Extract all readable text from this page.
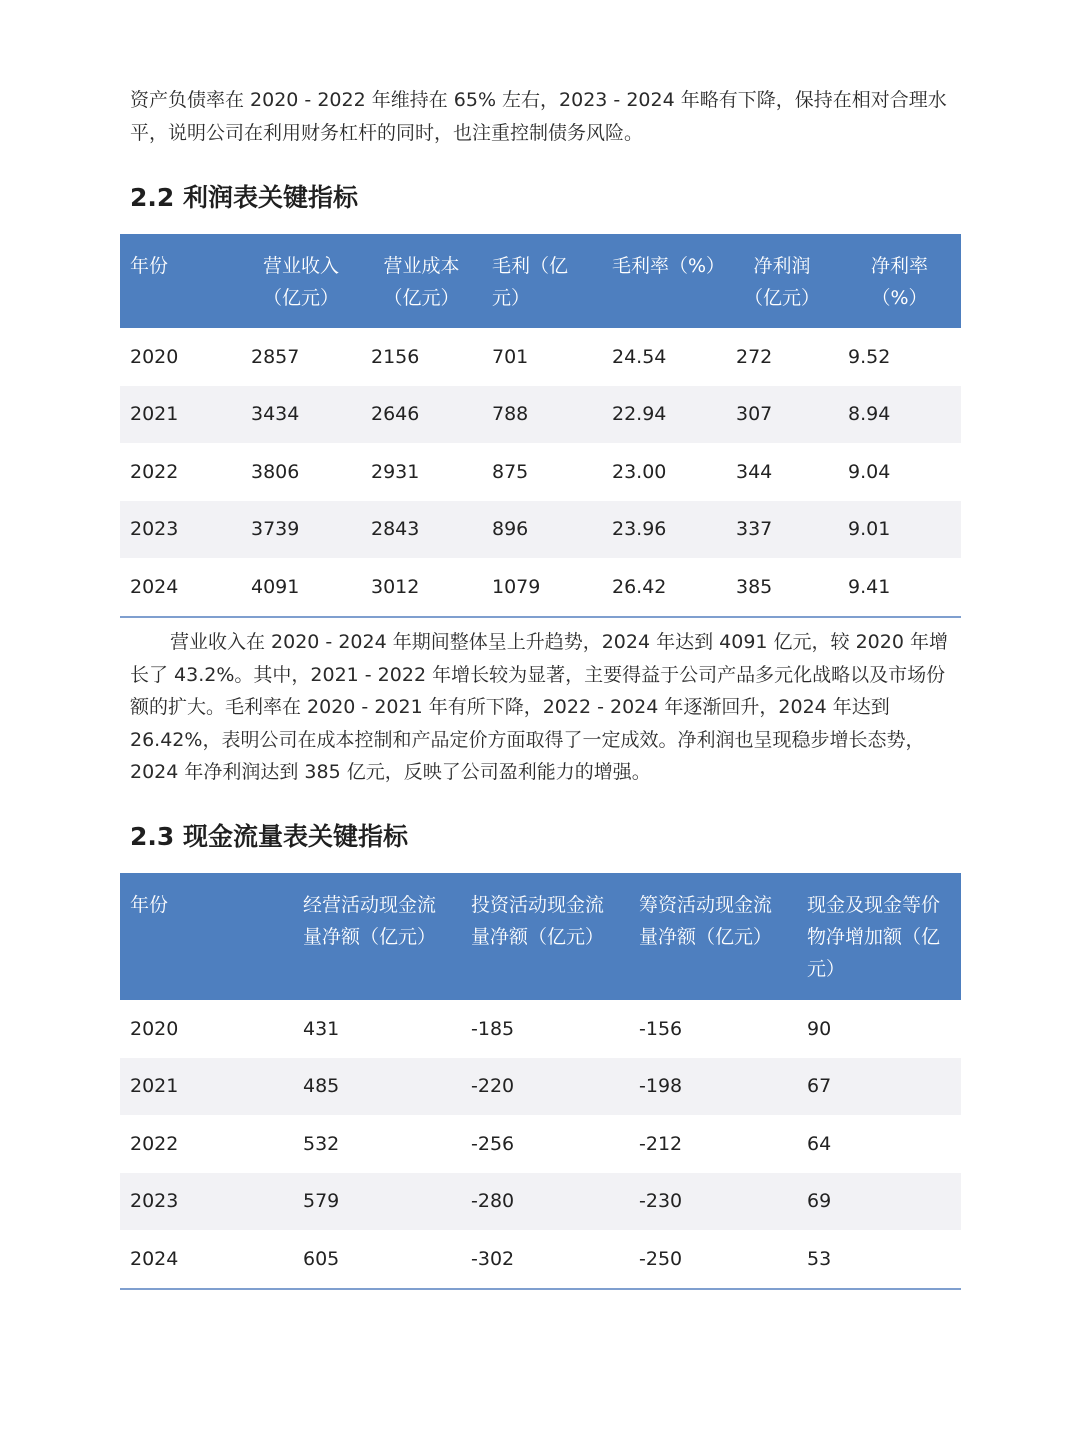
资产负债率在 2020 - 2022 年维持在 65% 左右，2023 - 2024 年略有下降，保持在相对合理水平，说明公司在利用财务杠杆的同时，也注重控制债务风险。

2.2 利润表关键指标
年份	营业收入（亿元）	营业成本（亿元）	毛利（亿元）	毛利率（%）	净利润（亿元）	净利率（%）
2020	2857	2156	701	24.54	272	9.52
2021	3434	2646	788	22.94	307	8.94
2022	3806	2931	875	23.00	344	9.04
2023	3739	2843	896	23.96	337	9.01
2024	4091	3012	1079	26.42	385	9.41

营业收入在 2020 - 2024 年期间整体呈上升趋势，2024 年达到 4091 亿元，较 2020 年增长了 43.2%。其中，2021 - 2022 年增长较为显著，主要得益于公司产品多元化战略以及市场份额的扩大。毛利率在 2020 - 2021 年有所下降，2022 - 2024 年逐渐回升，2024 年达到 26.42%，表明公司在成本控制和产品定价方面取得了一定成效。净利润也呈现稳步增长态势，2024 年净利润达到 385 亿元，反映了公司盈利能力的增强。

2.3 现金流量表关键指标
年份	经营活动现金流量净额（亿元）	投资活动现金流量净额（亿元）	筹资活动现金流量净额（亿元）	现金及现金等价物净增加额（亿元）
2020	431	-185	-156	90
2021	485	-220	-198	67
2022	532	-256	-212	64
2023	579	-280	-230	69
2024	605	-302	-250	53
